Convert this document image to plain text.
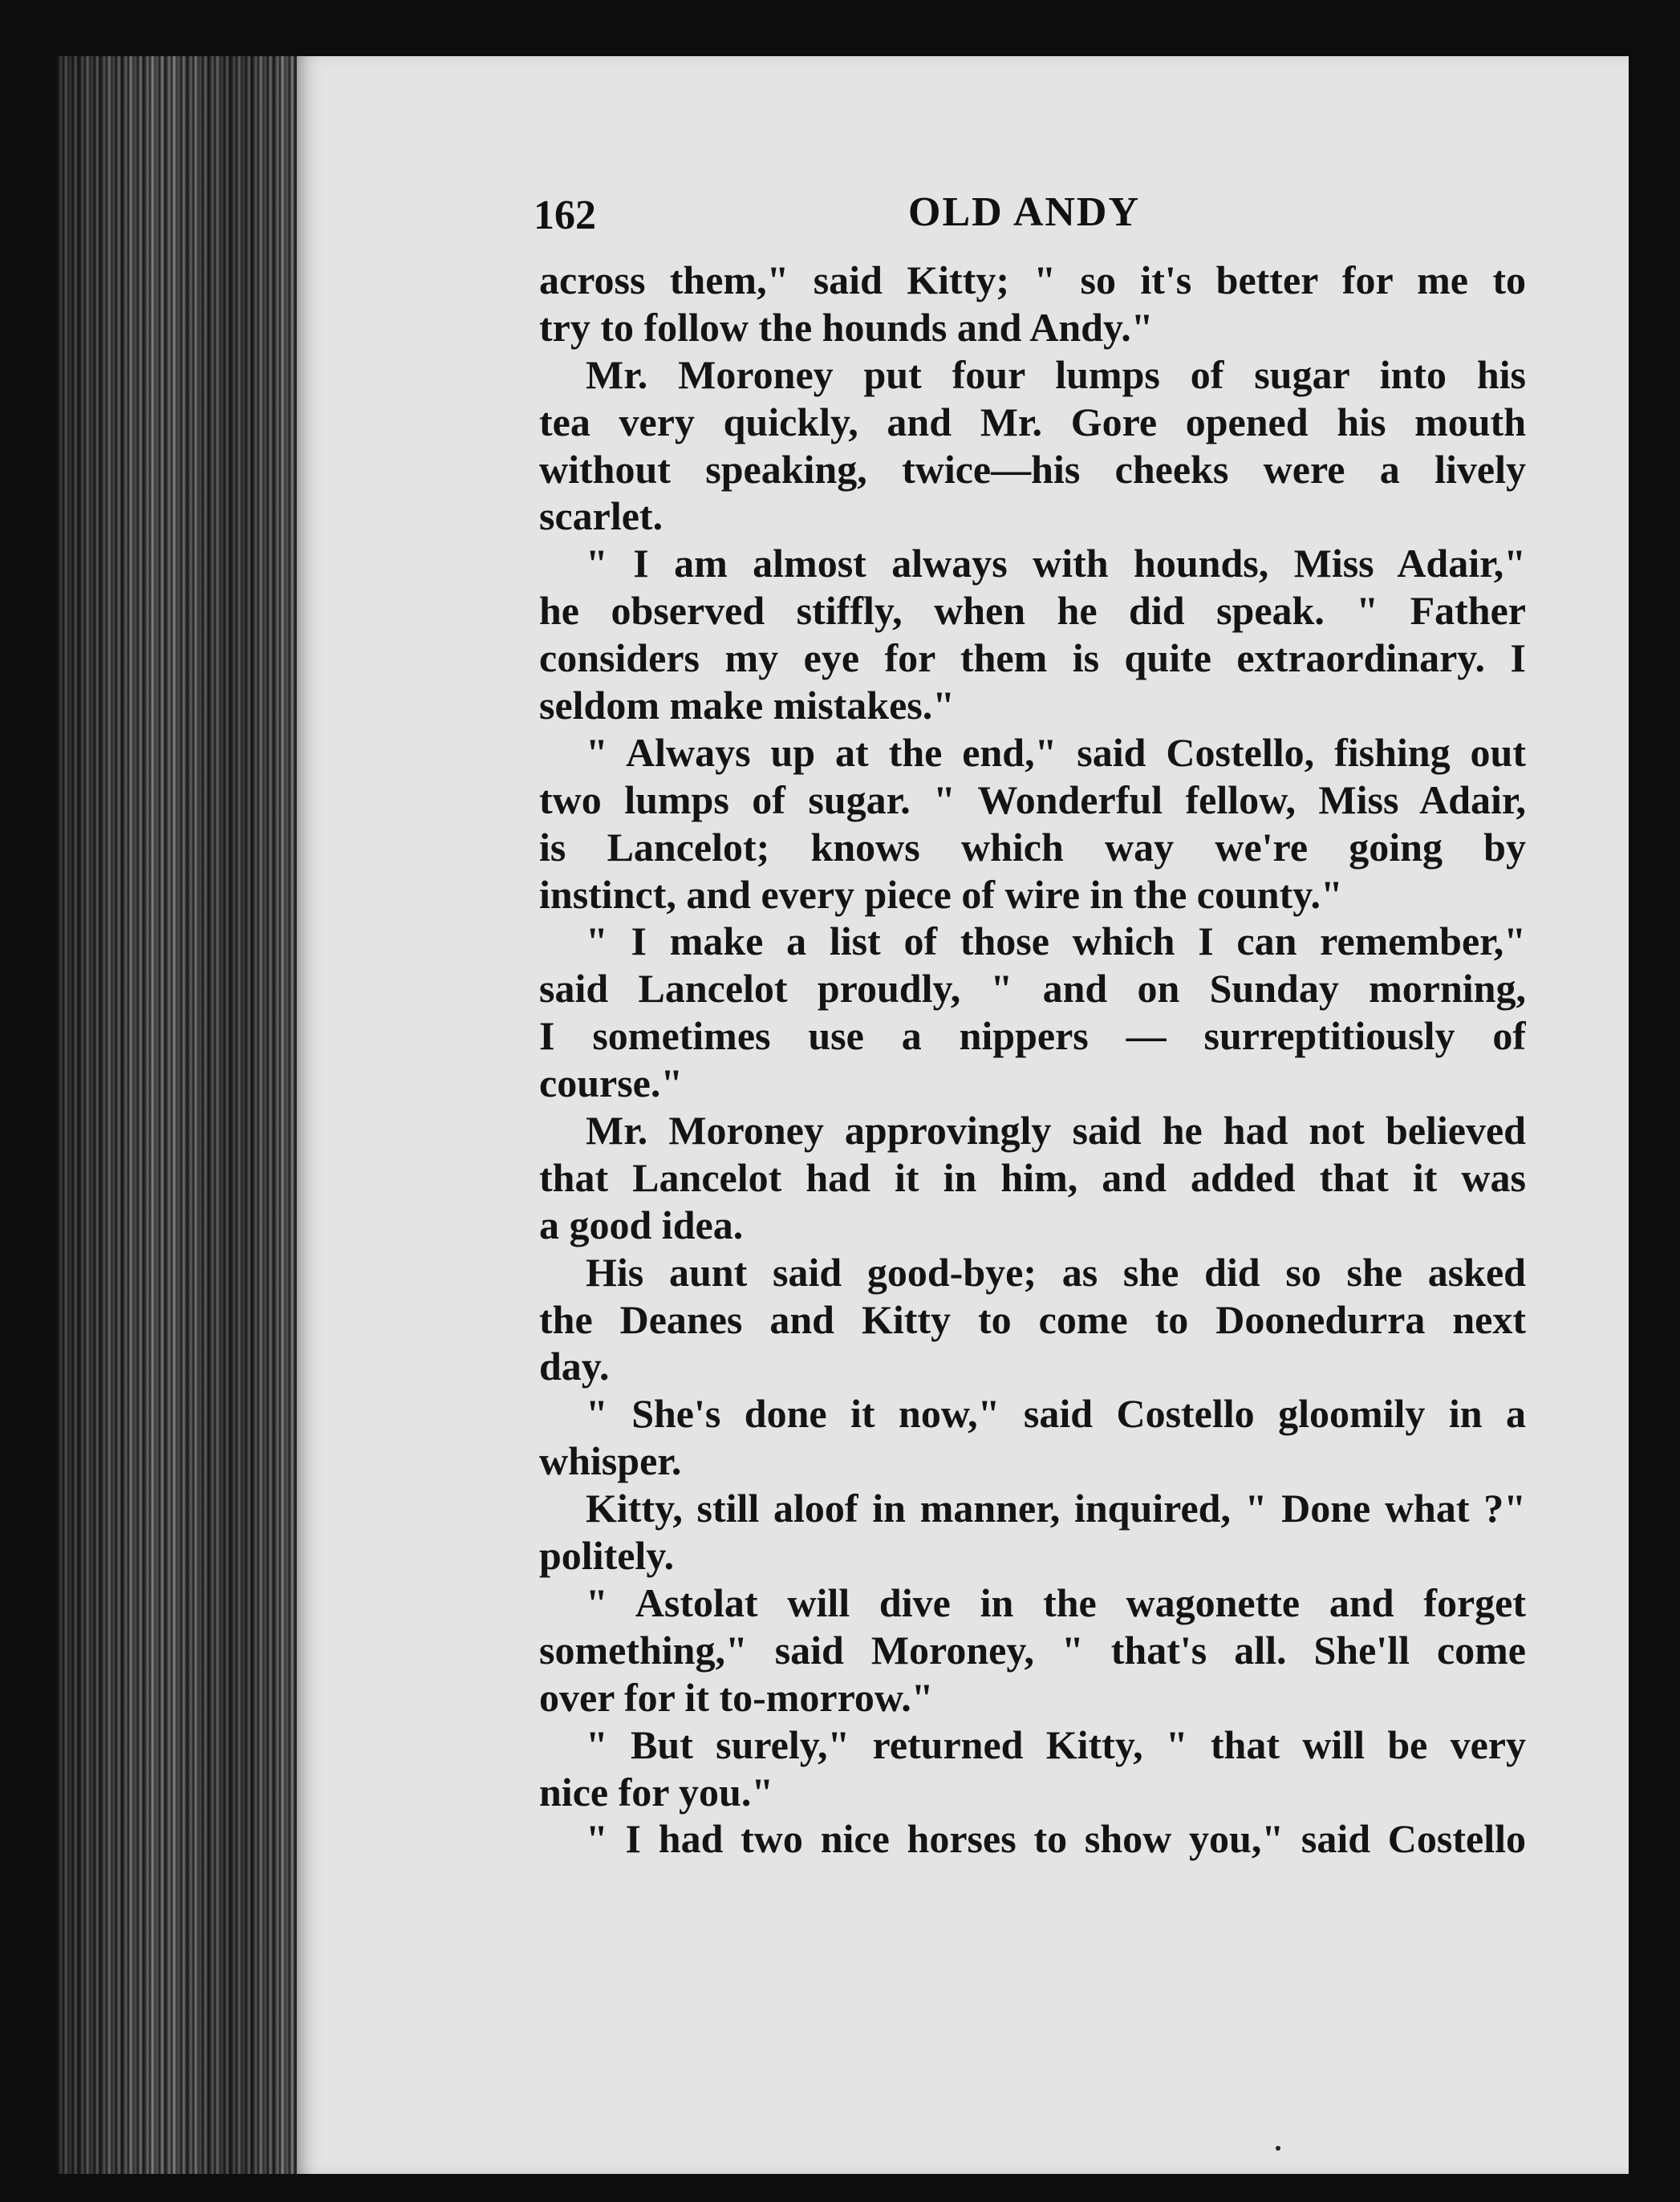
162	OLD ANDY
across them," said Kitty; " so it's better for me to
try to follow the hounds and Andy."
Mr. Moroney put four lumps of sugar into his
tea very quickly, and Mr. Gore opened his mouth
without speaking, twice—his cheeks were a lively
scarlet.
" I am almost always with hounds, Miss Adair,"
he observed stiffly, when he did speak. " Father
considers my eye for them is quite extraordinary. I
seldom make mistakes."
" Always up at the end," said Costello, fishing out
two lumps of sugar. " Wonderful fellow, Miss Adair,
is Lancelot; knows which way we're going by
instinct, and every piece of wire in the county."
" I make a list of those which I can remember,"
said Lancelot proudly, " and on Sunday morning,
I sometimes use a nippers — surreptitiously of
course."
Mr. Moroney approvingly said he had not believed
that Lancelot had it in him, and added that it was
a good idea.
His aunt said good-bye; as she did so she asked
the Deanes and Kitty to come to Doonedurra next
day.
" She's done it now," said Costello gloomily in a
whisper.
Kitty, still aloof in manner, inquired, " Done what ?"
politely.
" Astolat will dive in the wagonette and forget
something," said Moroney, " that's all. She'll come
over for it to-morrow."
" But surely," returned Kitty, " that will be very
nice for you."
" I had two nice horses to show you," said Costello
